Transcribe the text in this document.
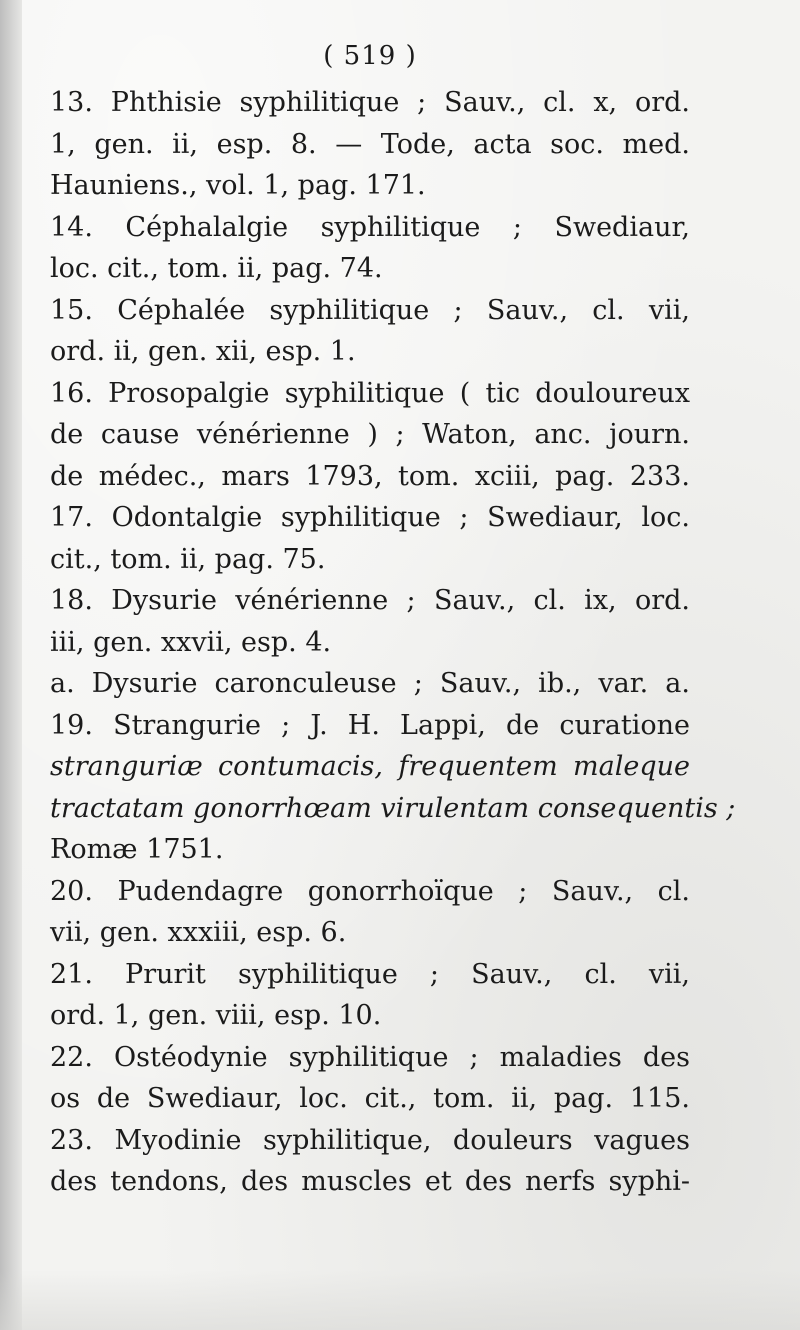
( 519 )
13. Phthisie syphilitique ; Sauv., cl. x, ord.
1, gen. ii, esp. 8. — Tode, acta soc. med.
Hauniens., vol. 1, pag. 171.
14. Céphalalgie syphilitique ; Swediaur,
loc. cit., tom. ii, pag. 74.
15. Céphalée syphilitique ; Sauv., cl. vii,
ord. ii, gen. xii, esp. 1.
16. Prosopalgie syphilitique ( tic douloureux
de cause vénérienne ) ; Waton, anc. journ.
de médec., mars 1793, tom. xciii, pag. 233.
17. Odontalgie syphilitique ; Swediaur, loc.
cit., tom. ii, pag. 75.
18. Dysurie vénérienne ; Sauv., cl. ix, ord.
iii, gen. xxvii, esp. 4.
a. Dysurie caronculeuse ; Sauv., ib., var. a.
19. Strangurie ; J. H. Lappi, de curatione
stranguriæ contumacis, frequentem maleque
tractatam gonorrhœam virulentam consequentis ;
Romæ 1751.
20. Pudendagre gonorrhoïque ; Sauv., cl.
vii, gen. xxxiii, esp. 6.
21. Prurit syphilitique ; Sauv., cl. vii,
ord. 1, gen. viii, esp. 10.
22. Ostéodynie syphilitique ; maladies des
os de Swediaur, loc. cit., tom. ii, pag. 115.
23. Myodinie syphilitique, douleurs vagues
des tendons, des muscles et des nerfs syphi-
